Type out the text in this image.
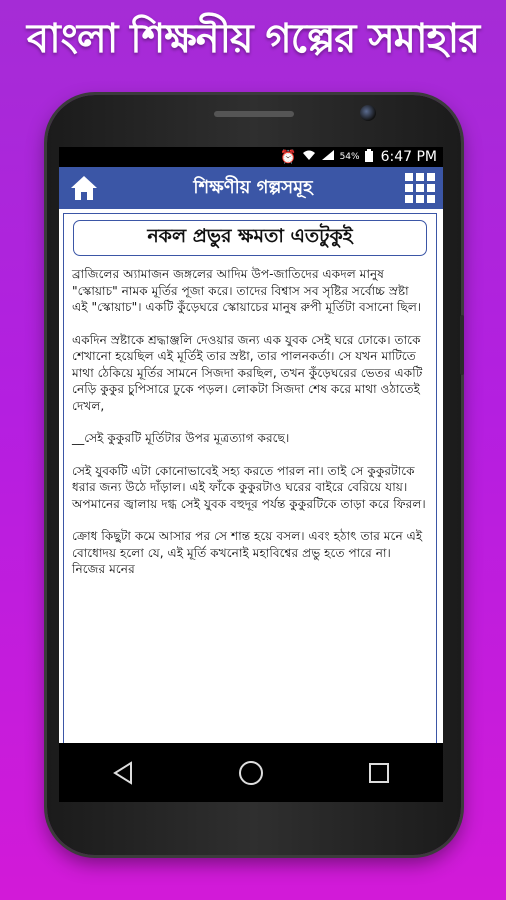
বাংলা শিক্ষনীয় গল্পের সমাহার
⏰	54% 6:47 PM
শিক্ষণীয় গল্পসমূহ
নকল প্রভুর ক্ষমতা এতটুকুই

ব্রাজিলের অ্যামাজন জঙ্গলের আদিম উপ-জাতিদের একদল মানুষ "স্কোয়াচ" নামক মূর্তির পূজা করে। তাদের বিশ্বাস সব সৃষ্টির সর্বোচ্চ স্রষ্টা এই "স্কোয়াচ"। একটি কুঁড়েঘরে স্কোয়াচের মানুষ রুপী মূর্তিটা বসানো ছিল।

একদিন স্রষ্টাকে শ্রদ্ধাঞ্জলি দেওয়ার জন্য এক যুবক সেই ঘরে ঢোকে। তাকে শেখানো হয়েছিল এই মূর্তিই তার স্রষ্টা, তার পালনকর্তা। সে যখন মাটিতে মাথা ঠেকিয়ে মূর্তির সামনে সিজদা করছিল, তখন কুঁড়েঘরের ভেতর একটি নেড়ি কুকুর চুপিসারে ঢুকে পড়ল। লোকটা সিজদা শেষ করে মাথা ওঠাতেই দেখল,

__সেই কুকুরটি মূর্তিটার উপর মূত্রত্যাগ করছে।

সেই যুবকটি এটা কোনোভাবেই সহ্য করতে পারল না। তাই সে কুকুরটাকে ধরার জন্য উঠে দাঁড়াল। এই ফাঁকে কুকুরটাও ঘরের বাইরে বেরিয়ে যায়। অপমানের জ্বালায় দগ্ধ সেই যুবক বহুদূর পর্যন্ত কুকুরটিকে তাড়া করে ফিরল।

ক্রোধ কিছুটা কমে আসার পর সে শান্ত হয়ে বসল। এবং হঠাৎ তার মনে এই বোধোদয় হলো যে, এই মূর্তি কখনোই মহাবিশ্বের প্রভু হতে পারে না। নিজের মনের
